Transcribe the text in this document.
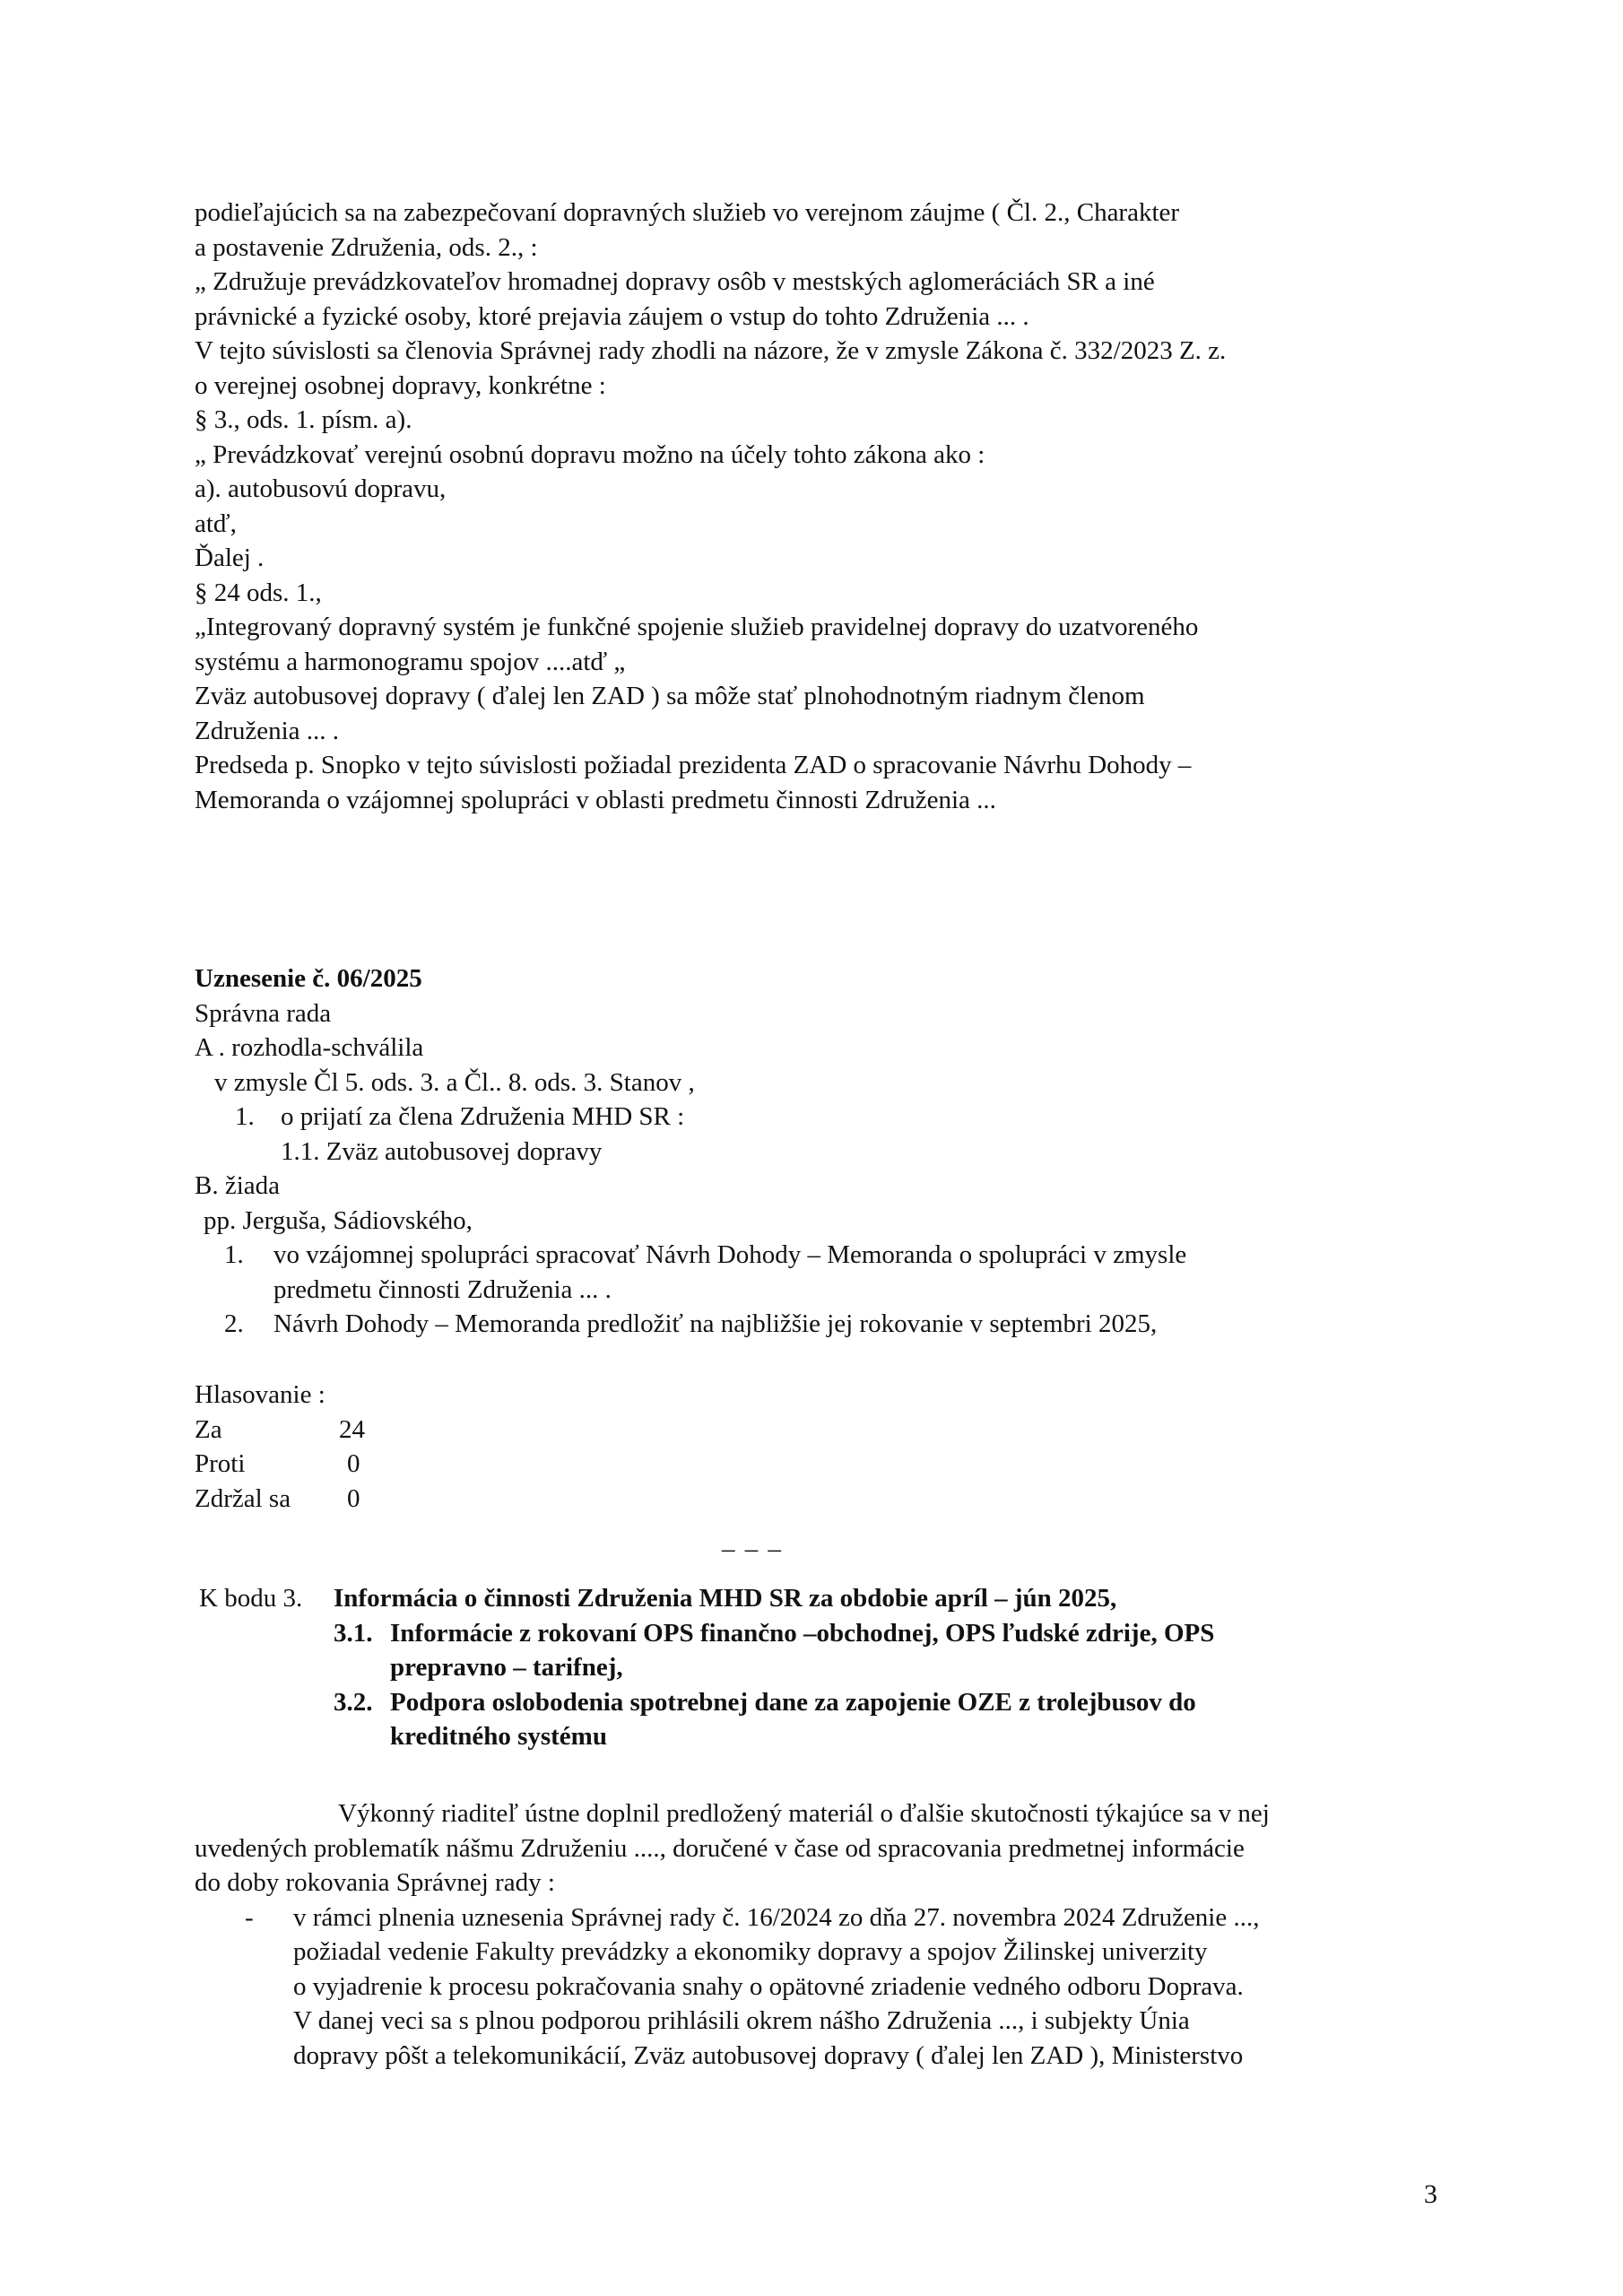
podieľajúcich sa na zabezpečovaní dopravných služieb vo verejnom záujme ( Čl. 2., Charakter
a postavenie Združenia, ods. 2., :
„ Združuje prevádzkovateľov hromadnej dopravy osôb v mestských aglomeráciách SR a iné
právnické a fyzické osoby, ktoré prejavia záujem o vstup do tohto Združenia ... .
V tejto súvislosti sa členovia Správnej rady zhodli na názore, že v zmysle Zákona č. 332/2023 Z. z.
o verejnej osobnej dopravy, konkrétne :
§ 3., ods. 1. písm. a).
„ Prevádzkovať verejnú osobnú dopravu možno na účely tohto zákona ako :
a). autobusovú dopravu,
atď,
Ďalej .
§ 24 ods. 1.,
„Integrovaný dopravný systém je funkčné spojenie služieb pravidelnej dopravy do uzatvoreného
systému a harmonogramu spojov ....atď „
Zväz autobusovej dopravy ( ďalej len ZAD ) sa môže stať plnohodnotným riadnym členom
Združenia ... .
Predseda p. Snopko v tejto súvislosti požiadal prezidenta ZAD o spracovanie Návrhu Dohody –
Memoranda o vzájomnej spolupráci v oblasti predmetu činnosti Združenia ...
Uznesenie č. 06/2025
Správna rada
A . rozhodla-schválila
v zmysle Čl 5. ods. 3. a Čl.. 8. ods. 3. Stanov ,
1. o prijatí za člena Združenia MHD SR :
1.1. Zväz autobusovej dopravy
B. žiada
pp. Jerguša, Sádiovského,
1. vo vzájomnej spolupráci spracovať Návrh Dohody – Memoranda o spolupráci v zmysle
predmetu činnosti Združenia ... .
2. Návrh Dohody – Memoranda predložiť na najbližšie jej rokovanie v septembri 2025,
Hlasovanie :
Za	24
Proti	0
Zdržal sa 0
– – –
K bodu 3. Informácia o činnosti Združenia MHD SR za obdobie apríl – jún 2025,
3.1. Informácie z rokovaní OPS finančno –obchodnej, OPS ľudské zdrije, OPS
prepravno – tarifnej,
3.2. Podpora oslobodenia spotrebnej dane za zapojenie OZE z trolejbusov do
kreditného systému
Výkonný riaditeľ ústne doplnil predložený materiál o ďalšie skutočnosti týkajúce sa v nej
uvedených problematík nášmu Združeniu ...., doručené v čase od spracovania predmetnej informácie
do doby rokovania Správnej rady :
- v rámci plnenia uznesenia Správnej rady č. 16/2024 zo dňa 27. novembra 2024 Združenie ...,
požiadal vedenie Fakulty prevádzky a ekonomiky dopravy a spojov Žilinskej univerzity
o vyjadrenie k procesu pokračovania snahy o opätovné zriadenie vedného odboru Doprava.
V danej veci sa s plnou podporou prihlásili okrem nášho Združenia ..., i subjekty Únia
dopravy pôšt a telekomunikácií, Zväz autobusovej dopravy ( ďalej len ZAD ), Ministerstvo
3
